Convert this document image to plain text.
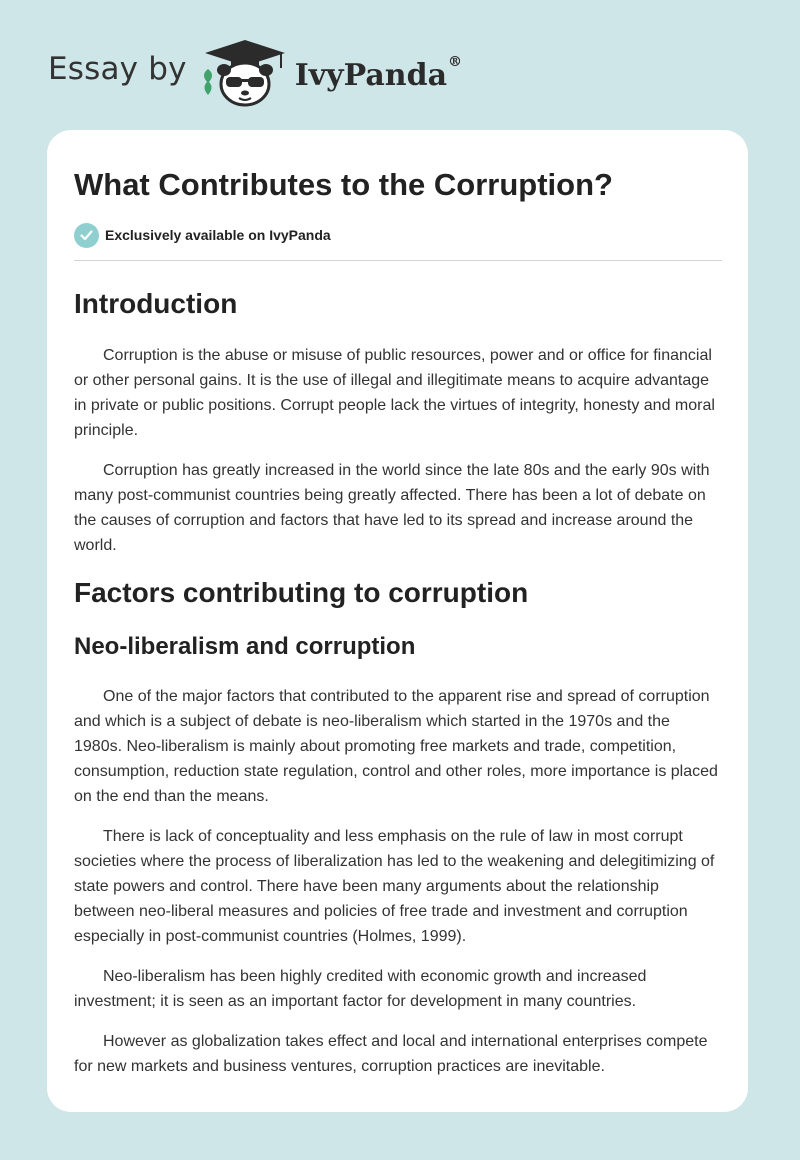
Essay by	IvyPanda®
What Contributes to the Corruption?
Exclusively available on IvyPanda
Introduction

Corruption is the abuse or misuse of public resources, power and or office for financial or other personal gains. It is the use of illegal and illegitimate means to acquire advantage in private or public positions. Corrupt people lack the virtues of integrity, honesty and moral principle.

Corruption has greatly increased in the world since the late 80s and the early 90s with many post-communist countries being greatly affected. There has been a lot of debate on the causes of corruption and factors that have led to its spread and increase around the world.

Factors contributing to corruption
Neo-liberalism and corruption

One of the major factors that contributed to the apparent rise and spread of corruption and which is a subject of debate is neo-liberalism which started in the 1970s and the 1980s. Neo-liberalism is mainly about promoting free markets and trade, competition, consumption, reduction state regulation, control and other roles, more importance is placed on the end than the means.

There is lack of conceptuality and less emphasis on the rule of law in most corrupt societies where the process of liberalization has led to the weakening and delegitimizing of state powers and control. There have been many arguments about the relationship between neo-liberal measures and policies of free trade and investment and corruption especially in post-communist countries (Holmes, 1999).

Neo-liberalism has been highly credited with economic growth and increased investment; it is seen as an important factor for development in many countries.

However as globalization takes effect and local and international enterprises compete for new markets and business ventures, corruption practices are inevitable.
